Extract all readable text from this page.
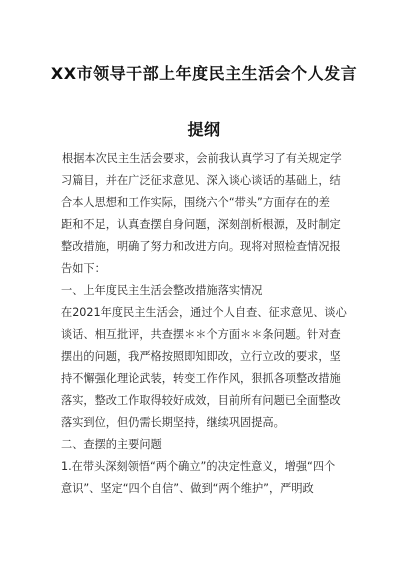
XX市领导干部上年度民主生活会个人发言
提纲
根据本次民主生活会要求，会前我认真学习了有关规定学
习篇目，并在广泛征求意见、深入谈心谈话的基础上，结
合本人思想和工作实际，围绕六个“带头”方面存在的差
距和不足，认真查摆自身问题，深刻剖析根源，及时制定
整改措施，明确了努力和改进方向。现将对照检查情况报
告如下：
一、上年度民主生活会整改措施落实情况
在2021年度民主生活会，通过个人自查、征求意见、谈心
谈话、相互批评，共查摆＊＊个方面＊＊条问题。针对查
摆出的问题，我严格按照即知即改，立行立改的要求，坚
持不懈强化理论武装，转变工作作风，狠抓各项整改措施
落实，整改工作取得较好成效，目前所有问题已全面整改
落实到位，但仍需长期坚持，继续巩固提高。
二、查摆的主要问题
1.在带头深刻领悟“两个确立”的决定性意义，增强“四个
意识”、坚定“四个自信”、做到“两个维护”，严明政
